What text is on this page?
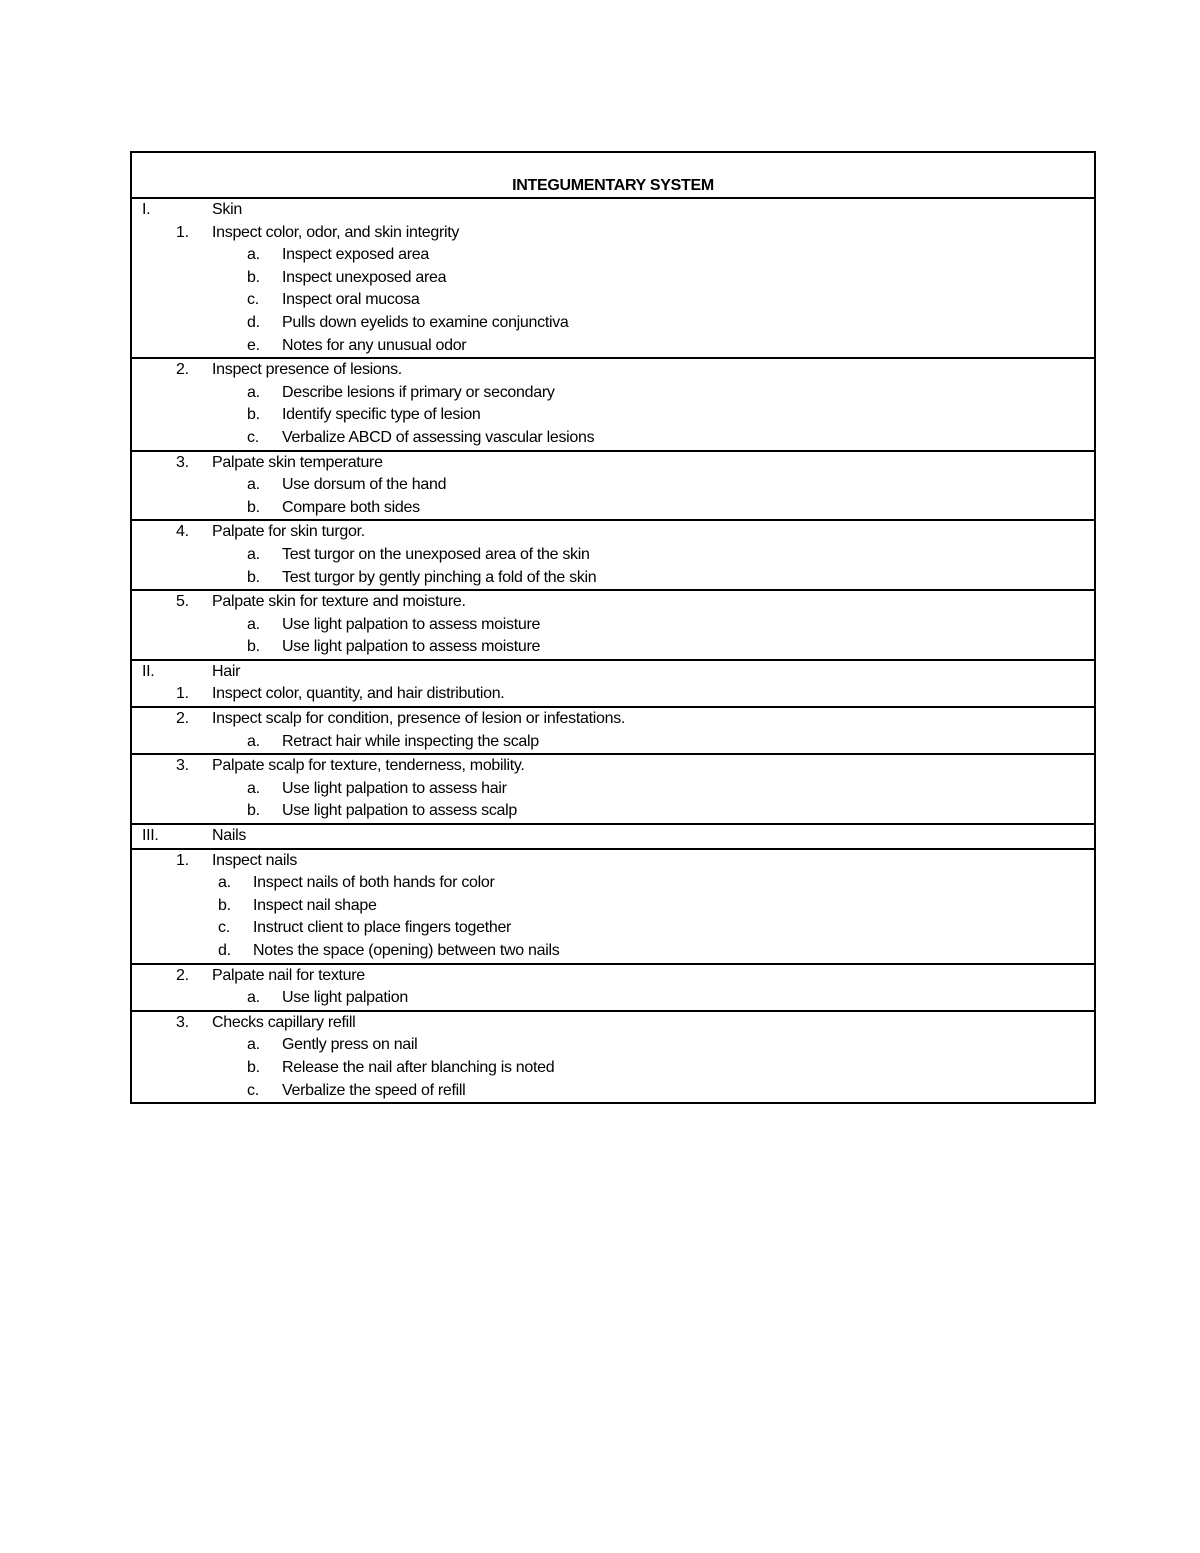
INTEGUMENTARY SYSTEM
I.	Skin
1. Inspect color, odor, and skin integrity
a. Inspect exposed area
b. Inspect unexposed area
c. Inspect oral mucosa
d. Pulls down eyelids to examine conjunctiva
e. Notes for any unusual odor
2. Inspect presence of lesions.
a. Describe lesions if primary or secondary
b. Identify specific type of lesion
c. Verbalize ABCD of assessing vascular lesions
3. Palpate skin temperature
a. Use dorsum of the hand
b. Compare both sides
4. Palpate for skin turgor.
a. Test turgor on the unexposed area of the skin
b. Test turgor by gently pinching a fold of the skin
5. Palpate skin for texture and moisture.
a. Use light palpation to assess moisture
b. Use light palpation to assess moisture
II.	Hair
1. Inspect color, quantity, and hair distribution.
2. Inspect scalp for condition, presence of lesion or infestations.
a. Retract hair while inspecting the scalp
3. Palpate scalp for texture, tenderness, mobility.
a. Use light palpation to assess hair
b. Use light palpation to assess scalp
III.	Nails
1. Inspect nails
a. Inspect nails of both hands for color
b. Inspect nail shape
c. Instruct client to place fingers together
d. Notes the space (opening) between two nails
2. Palpate nail for texture
a. Use light palpation
3. Checks capillary refill
a. Gently press on nail
b. Release the nail after blanching is noted
c. Verbalize the speed of refill
